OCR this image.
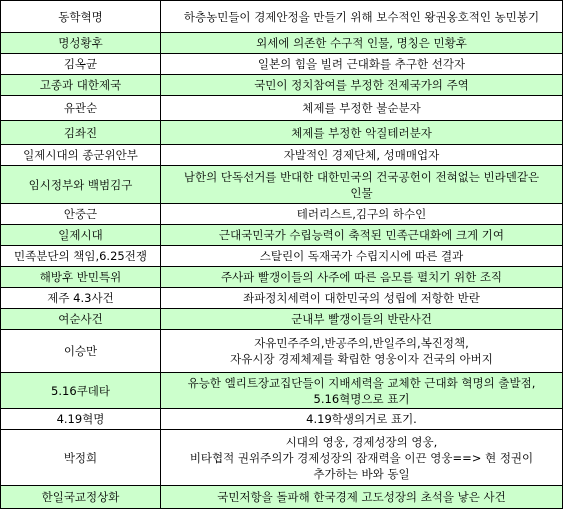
동학혁명	하층농민들이 경제안정을 만들기 위해 보수적인 왕권옹호적인 농민봉기
명성황후	외세에 의존한 수구적 인물, 명칭은 민황후
김옥균	일본의 힘을 빌려 근대화를 추구한 선각자
고종과 대한제국	국민이 정치참여를 부정한 전제국가의 주역
유관순	체제를 부정한 불순분자
김좌진	체제를 부정한 악질테러분자
일제시대의 종군위안부	자발적인 경제단체, 성매매업자
임시정부와 백범김구	남한의 단독선거를 반대한 대한민국의 건국공헌이 전혀없는 빈라덴같은
인물
안중근	테러리스트,김구의 하수인
일제시대	근대국민국가 수립능력이 축적된 민족근대화에 크게 기여
민족분단의 책임,6.25전쟁	스탈린이 독재국가 수립지시에 따른 결과
해방후 반민특위	주사파 빨갱이들의 사주에 따른 음모를 펼치기 위한 조직
제주 4.3사건	좌파정치세력이 대한민국의 성립에 저항한 반란
여순사건	군내부 빨갱이들의 반란사건
이승만	자유민주주의,반공주의,반일주의,복진정책,
자유시장 경제체제를 확립한 영웅이자 건국의 아버지
5.16쿠데타	유능한 엘리트장교집단들이 지배세력을 교체한 근대화 혁명의 출발점,
5.16혁명으로 표기
4.19혁명	4.19학생의거로 표기.
박정희	시대의 영웅, 경제성장의 영웅,
비타협적 권위주의가 경제성장의 잠재력을 이끈 영웅==> 현 정권이
추가하는 바와 동일
한일국교정상화	국민저항을 돌파해 한국경제 고도성장의 초석을 낳은 사건
